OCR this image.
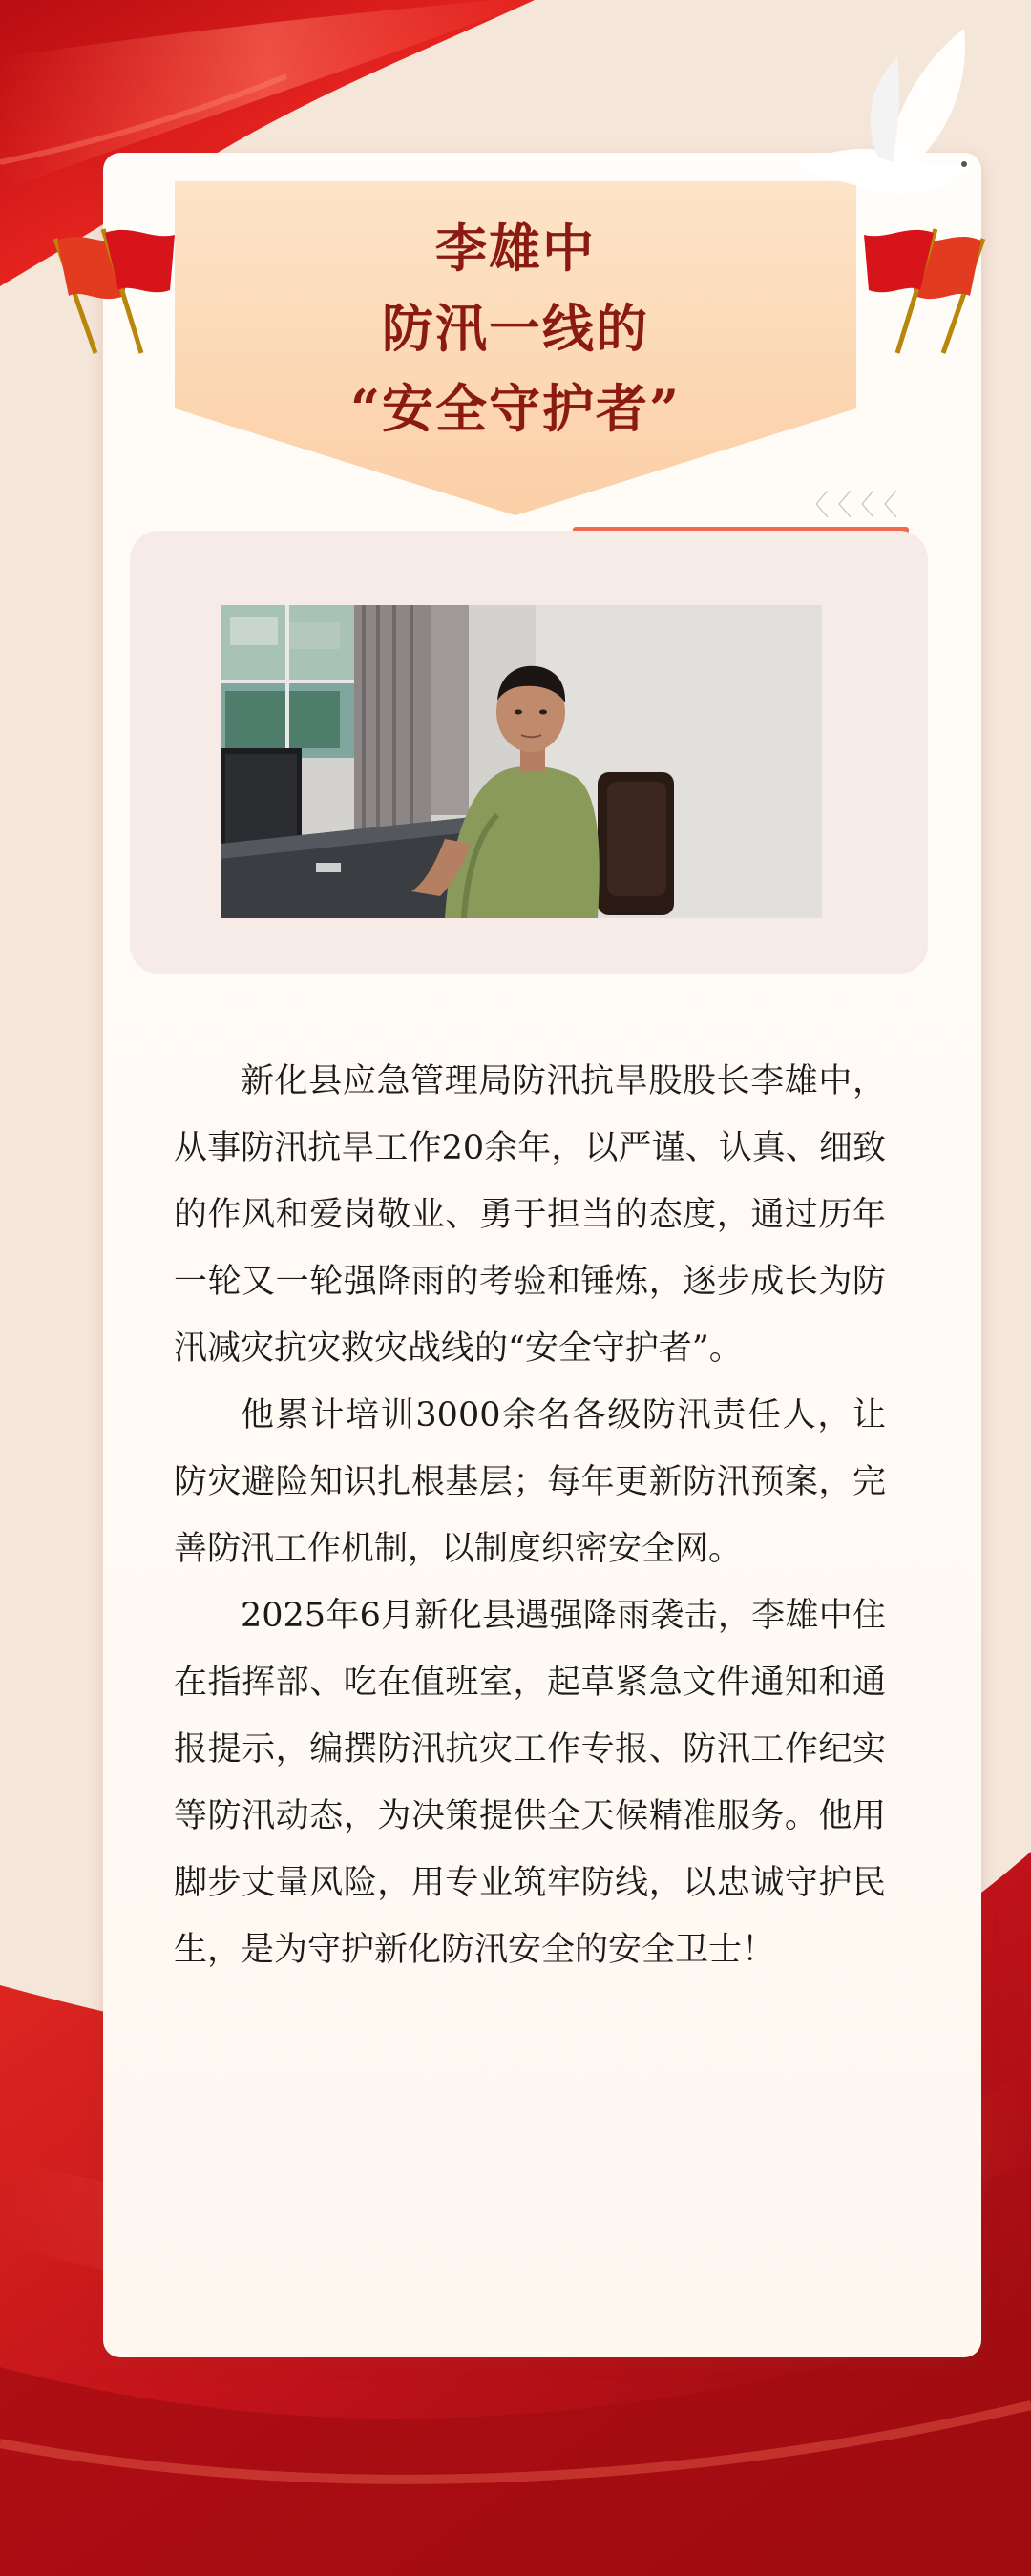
李雄中
防汛一线的
“安全守护者”

新化县应急管理局防汛抗旱股股长李雄中，从事防汛抗旱工作20余年，以严谨、认真、细致的作风和爱岗敬业、勇于担当的态度，通过历年一轮又一轮强降雨的考验和锤炼，逐步成长为防汛减灾抗灾救灾战线的“安全守护者”。

他累计培训3000余名各级防汛责任人，让防灾避险知识扎根基层；每年更新防汛预案，完善防汛工作机制，以制度织密安全网。

2025年6月新化县遇强降雨袭击，李雄中住在指挥部、吃在值班室，起草紧急文件通知和通报提示，编撰防汛抗灾工作专报、防汛工作纪实等防汛动态，为决策提供全天候精准服务。他用脚步丈量风险，用专业筑牢防线，以忠诚守护民生，是为守护新化防汛安全的安全卫士！
